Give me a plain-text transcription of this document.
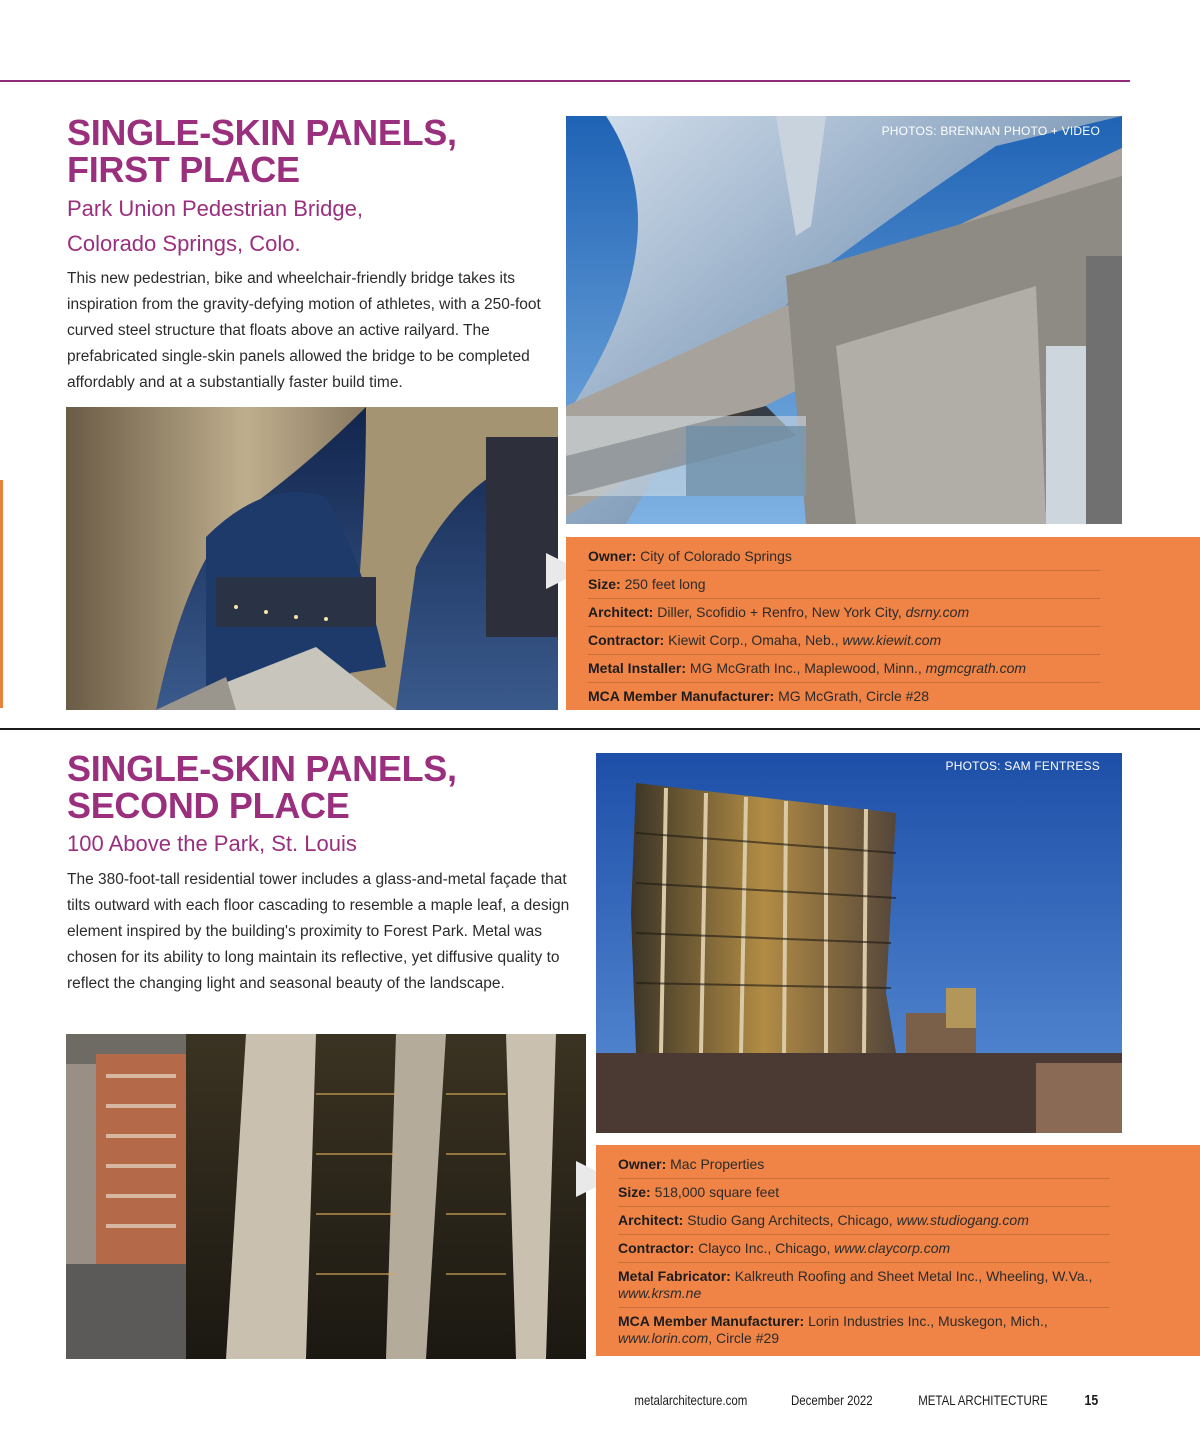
SINGLE-SKIN PANELS,
FIRST PLACE
Park Union Pedestrian Bridge,
Colorado Springs, Colo.

This new pedestrian, bike and wheelchair-friendly bridge takes its inspiration from the gravity-defying motion of athletes, with a 250-foot curved steel structure that floats above an active railyard. The prefabricated single-skin panels allowed the bridge to be completed affordably and at a substantially faster build time.

PHOTOS: BRENNAN PHOTO + VIDEO
Owner: City of Colorado Springs
Size: 250 feet long
Architect: Diller, Scofidio + Renfro, New York City, dsrny.com
Contractor: Kiewit Corp., Omaha, Neb., www.kiewit.com
Metal Installer: MG McGrath Inc., Maplewood, Minn., mgmcgrath.com
MCA Member Manufacturer: MG McGrath, Circle #28
SINGLE-SKIN PANELS,
SECOND PLACE
100 Above the Park, St. Louis

The 380-foot-tall residential tower includes a glass-and-metal façade that tilts outward with each floor cascading to resemble a maple leaf, a design element inspired by the building's proximity to Forest Park. Metal was chosen for its ability to long maintain its reflective, yet diffusive quality to reflect the changing light and seasonal beauty of the landscape.

PHOTOS: SAM FENTRESS
Owner: Mac Properties
Size: 518,000 square feet
Architect: Studio Gang Architects, Chicago, www.studiogang.com
Contractor: Clayco Inc., Chicago, www.claycorp.com
Metal Fabricator: Kalkreuth Roofing and Sheet Metal Inc., Wheeling, W.Va., www.krsm.ne
MCA Member Manufacturer: Lorin Industries Inc., Muskegon, Mich., www.lorin.com, Circle #29
metalarchitecture.com	December 2022	METAL ARCHITECTURE	15
